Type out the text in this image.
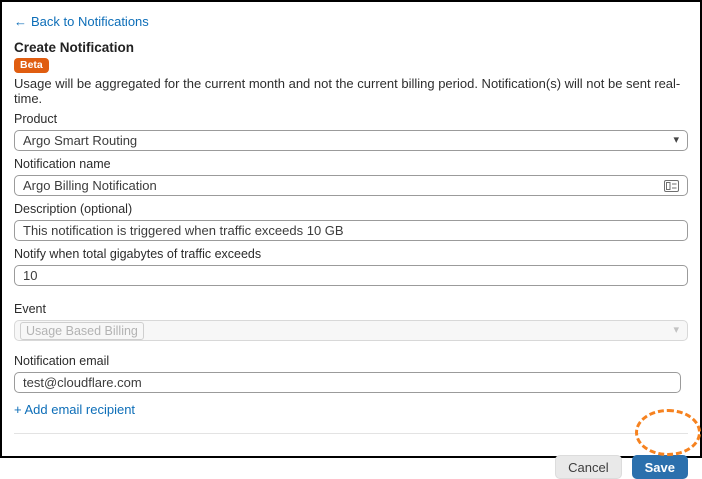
← Back to Notifications
Create Notification
Beta

Usage will be aggregated for the current month and not the current billing period. Notification(s) will not be sent real-time.

Product
Argo Smart Routing	▾
Notification name
Argo Billing Notification
Description (optional)
This notification is triggered when traffic exceeds 10 GB
Notify when total gigabytes of traffic exceeds
10
Event
Usage Based Billing	▾
Notification email
test@cloudflare.com
+ Add email recipient
Cancel	Save
